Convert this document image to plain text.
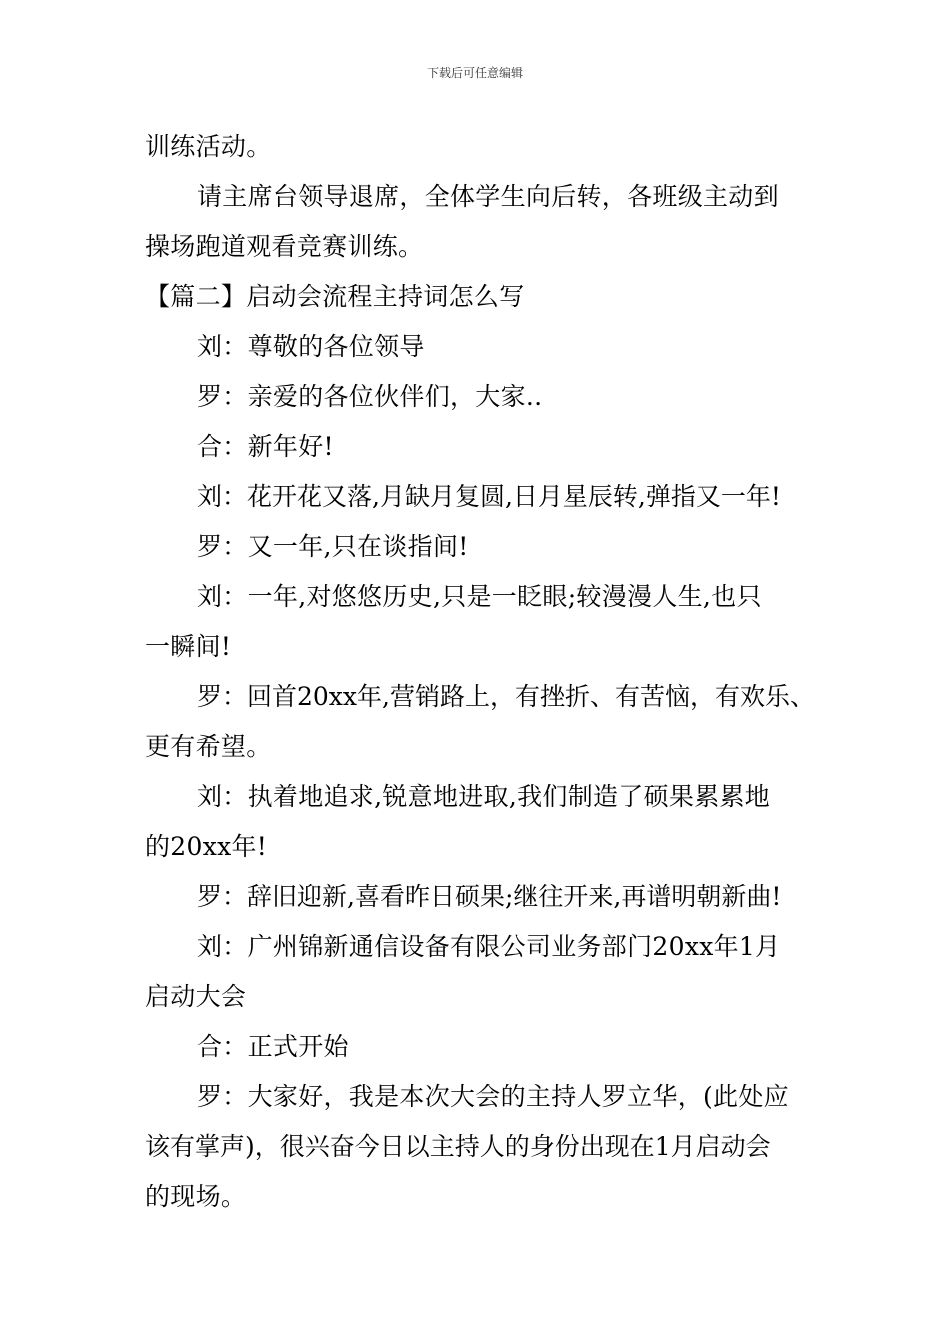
下载后可任意编辑
训练活动。
请主席台领导退席，全体学生向后转，各班级主动到
操场跑道观看竞赛训练。
【篇二】启动会流程主持词怎么写
刘：尊敬的各位领导
罗：亲爱的各位伙伴们，大家..
合：新年好!
刘：花开花又落,月缺月复圆,日月星辰转,弹指又一年!
罗：又一年,只在谈指间!
刘：一年,对悠悠历史,只是一眨眼;较漫漫人生,也只
一瞬间!
罗：回首20xx年,营销路上，有挫折、有苦恼，有欢乐、
更有希望。
刘：执着地追求,锐意地进取,我们制造了硕果累累地
的20xx年!
罗：辞旧迎新,喜看昨日硕果;继往开来,再谱明朝新曲!
刘：广州锦新通信设备有限公司业务部门20xx年1月
启动大会
合：正式开始
罗：大家好，我是本次大会的主持人罗立华，(此处应
该有掌声)，很兴奋今日以主持人的身份出现在1月启动会
的现场。
